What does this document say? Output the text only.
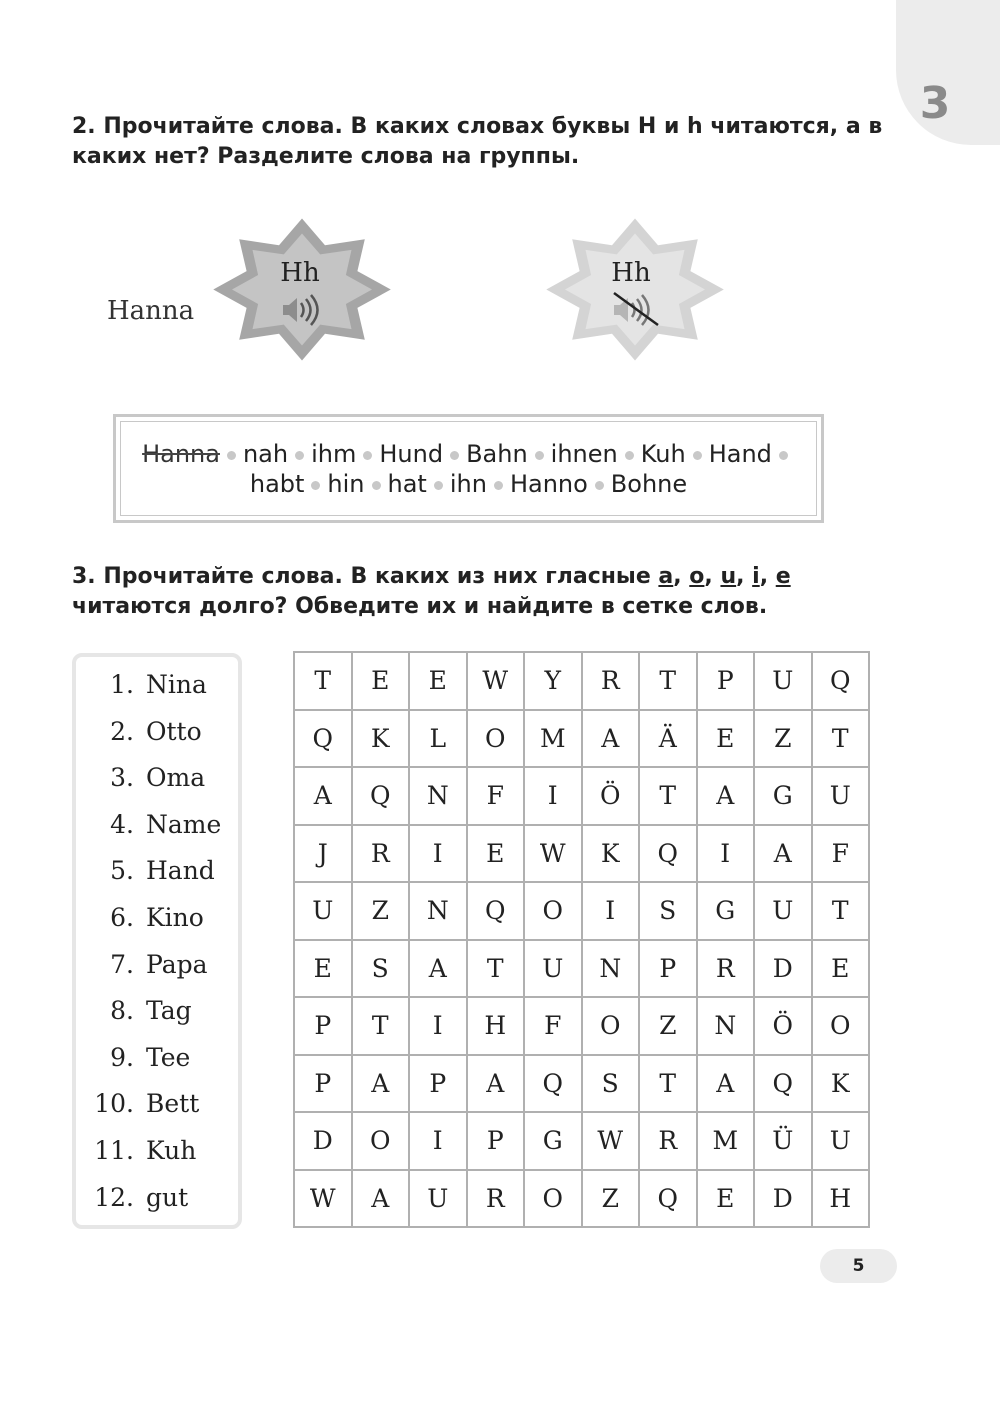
3
2. Прочитайте слова. В каких словах буквы H и h читаются, а в каких нет? Разделите слова на группы.
Hanna
Hh	Hh
Hanna nah ihm Hund Bahn ihnen Kuh Hand
habt hin hat ihn Hanno Bohne
3. Прочитайте слова. В каких из них гласные a, o, u, i, e читаются долго? Обведите их и найдите в сетке слов.
1. Nina
2. Otto
3. Oma
4. Name
5. Hand
6. Kino
7. Papa
8. Tag
9. Tee
10. Bett
11. Kuh
12. gut
T	E	E	W	Y	R	T	P	U	Q
Q	K	L	O	M	A	Ä	E	Z	T
A	Q	N	F	I	Ö	T	A	G	U
J	R	I	E	W	K	Q	I	A	F
U	Z	N	Q	O	I	S	G	U	T
E	S	A	T	U	N	P	R	D	E
P	T	I	H	F	O	Z	N	Ö	O
P	A	P	A	Q	S	T	A	Q	K
D	O	I	P	G	W	R	M	Ü	U
W	A	U	R	O	Z	Q	E	D	H
5
